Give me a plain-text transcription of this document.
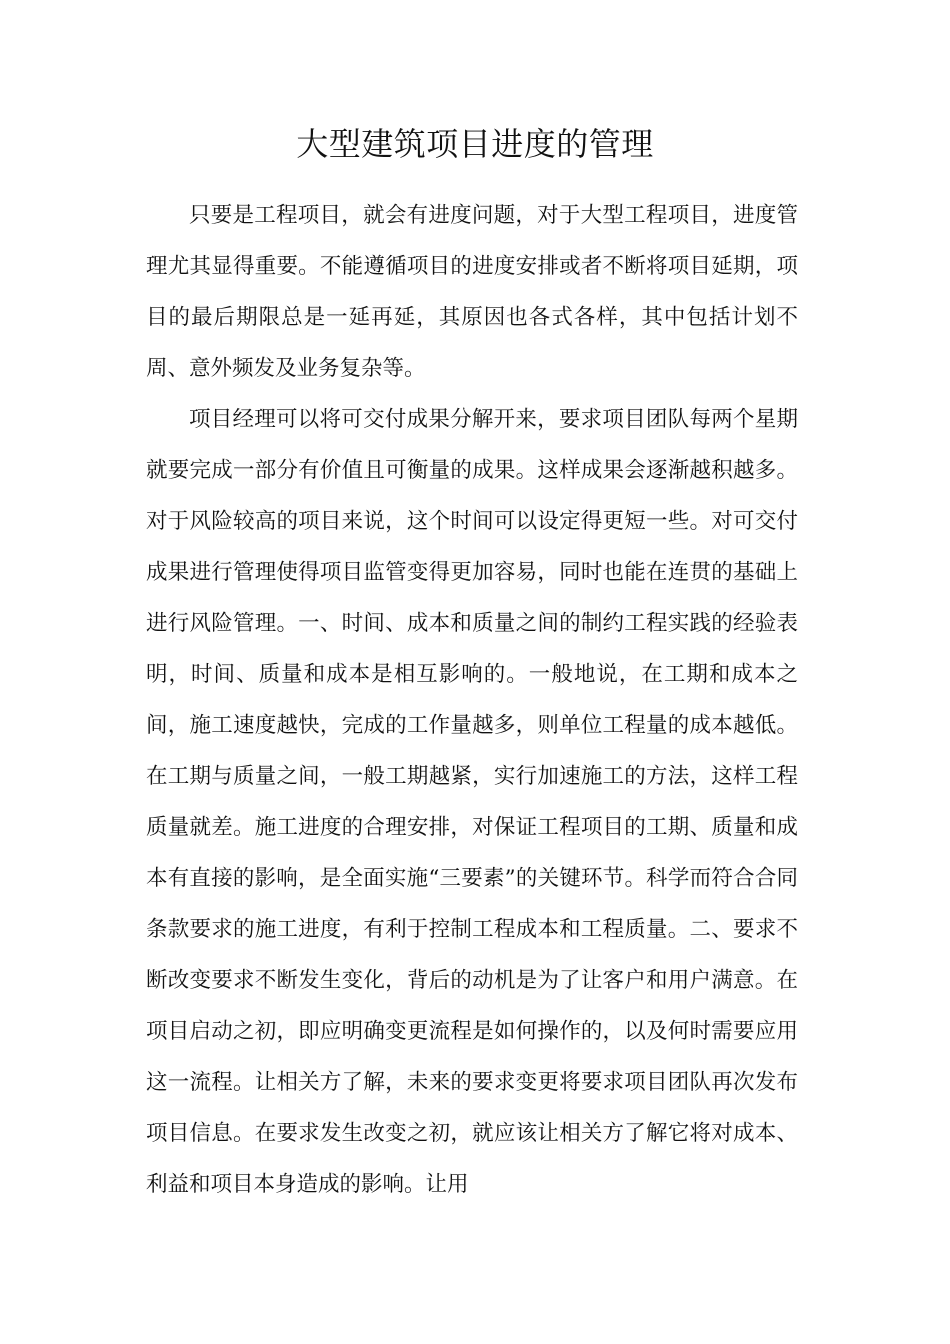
大型建筑项目进度的管理

只要是工程项目，就会有进度问题，对于大型工程项目，进度管理尤其显得重要。不能遵循项目的进度安排或者不断将项目延期，项目的最后期限总是一延再延，其原因也各式各样，其中包括计划不周、意外频发及业务复杂等。

项目经理可以将可交付成果分解开来，要求项目团队每两个星期就要完成一部分有价值且可衡量的成果。这样成果会逐渐越积越多。对于风险较高的项目来说，这个时间可以设定得更短一些。对可交付成果进行管理使得项目监管变得更加容易，同时也能在连贯的基础上进行风险管理。一、时间、成本和质量之间的制约工程实践的经验表明，时间、质量和成本是相互影响的。一般地说，在工期和成本之间，施工速度越快，完成的工作量越多，则单位工程量的成本越低。在工期与质量之间，一般工期越紧，实行加速施工的方法，这样工程质量就差。施工进度的合理安排，对保证工程项目的工期、质量和成本有直接的影响，是全面实施“三要素”的关键环节。科学而符合合同条款要求的施工进度，有利于控制工程成本和工程质量。二、要求不断改变要求不断发生变化，背后的动机是为了让客户和用户满意。在项目启动之初，即应明确变更流程是如何操作的，以及何时需要应用这一流程。让相关方了解，未来的要求变更将要求项目团队再次发布项目信息。在要求发生改变之初，就应该让相关方了解它将对成本、利益和项目本身造成的影响。让用
